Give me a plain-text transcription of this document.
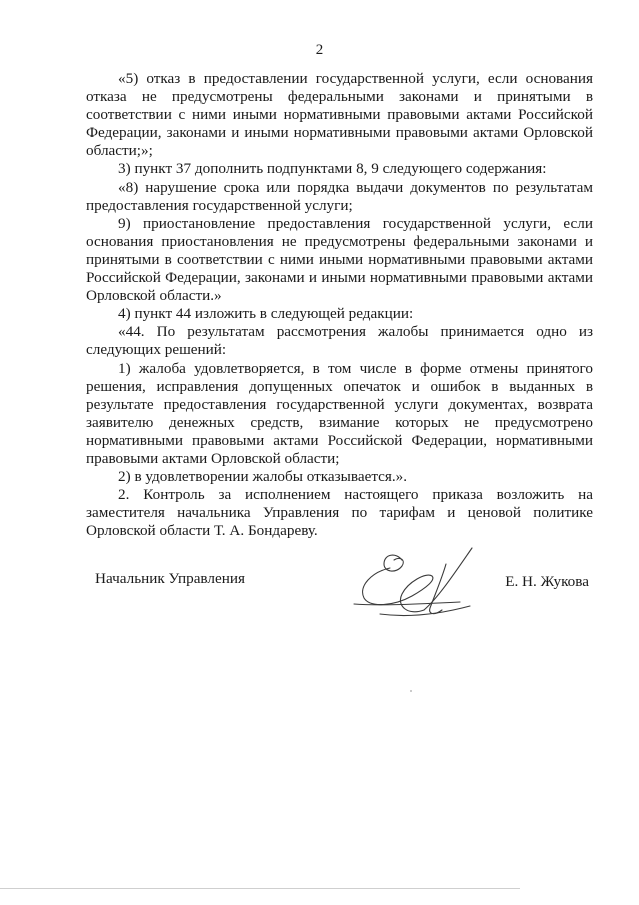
2

«5) отказ в предоставлении государственной услуги, если основания отказа не предусмотрены федеральными законами и принятыми в соответствии с ними иными нормативными правовыми актами Российской Федерации, законами и иными нормативными правовыми актами Орловской области;»;

3) пункт 37 дополнить подпунктами 8, 9 следующего содержания:

«8) нарушение срока или порядка выдачи документов по результатам предоставления государственной услуги;

9) приостановление предоставления государственной услуги, если основания приостановления не предусмотрены федеральными законами и принятыми в соответствии с ними иными нормативными правовыми актами Российской Федерации, законами и иными нормативными правовыми актами Орловской области.»

4) пункт 44 изложить в следующей редакции:

«44. По результатам рассмотрения жалобы принимается одно из следующих решений:

1) жалоба удовлетворяется, в том числе в форме отмены принятого решения, исправления допущенных опечаток и ошибок в выданных в результате предоставления государственной услуги документах, возврата заявителю денежных средств, взимание которых не предусмотрено нормативными правовыми актами Российской Федерации, нормативными правовыми актами Орловской области;

2) в удовлетворении жалобы отказывается.».

2. Контроль за исполнением настоящего приказа возложить на заместителя начальника Управления по тарифам и ценовой политике Орловской области Т. А. Бондареву.

Начальник Управления	Е. Н. Жукова
